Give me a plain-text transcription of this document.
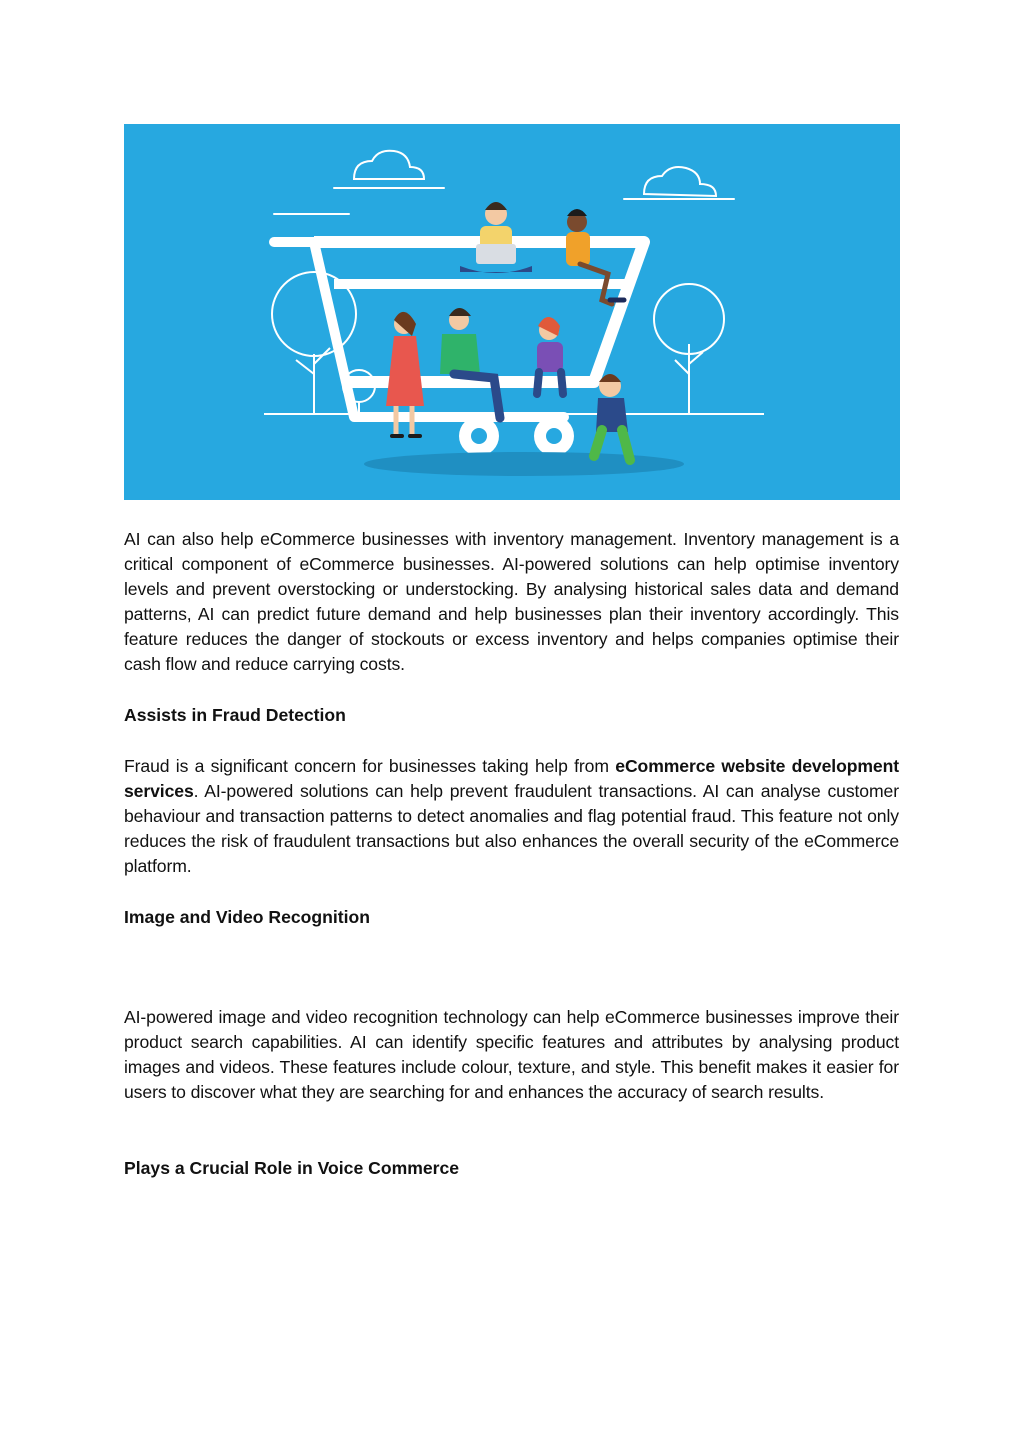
AI can also help eCommerce businesses with inventory management. Inventory management is a critical component of eCommerce businesses. AI-powered solutions can help optimise inventory levels and prevent overstocking or understocking. By analysing historical sales data and demand patterns, AI can predict future demand and help businesses plan their inventory accordingly. This feature reduces the danger of stockouts or excess inventory and helps companies optimise their cash flow and reduce carrying costs.

Assists in Fraud Detection

Fraud is a significant concern for businesses taking help from eCommerce website development services. AI-powered solutions can help prevent fraudulent transactions. AI can analyse customer behaviour and transaction patterns to detect anomalies and flag potential fraud. This feature not only reduces the risk of fraudulent transactions but also enhances the overall security of the eCommerce platform.

Image and Video Recognition

AI-powered image and video recognition technology can help eCommerce businesses improve their product search capabilities. AI can identify specific features and attributes by analysing product images and videos. These features include colour, texture, and style. This benefit makes it easier for users to discover what they are searching for and enhances the accuracy of search results.

Plays a Crucial Role in Voice Commerce
